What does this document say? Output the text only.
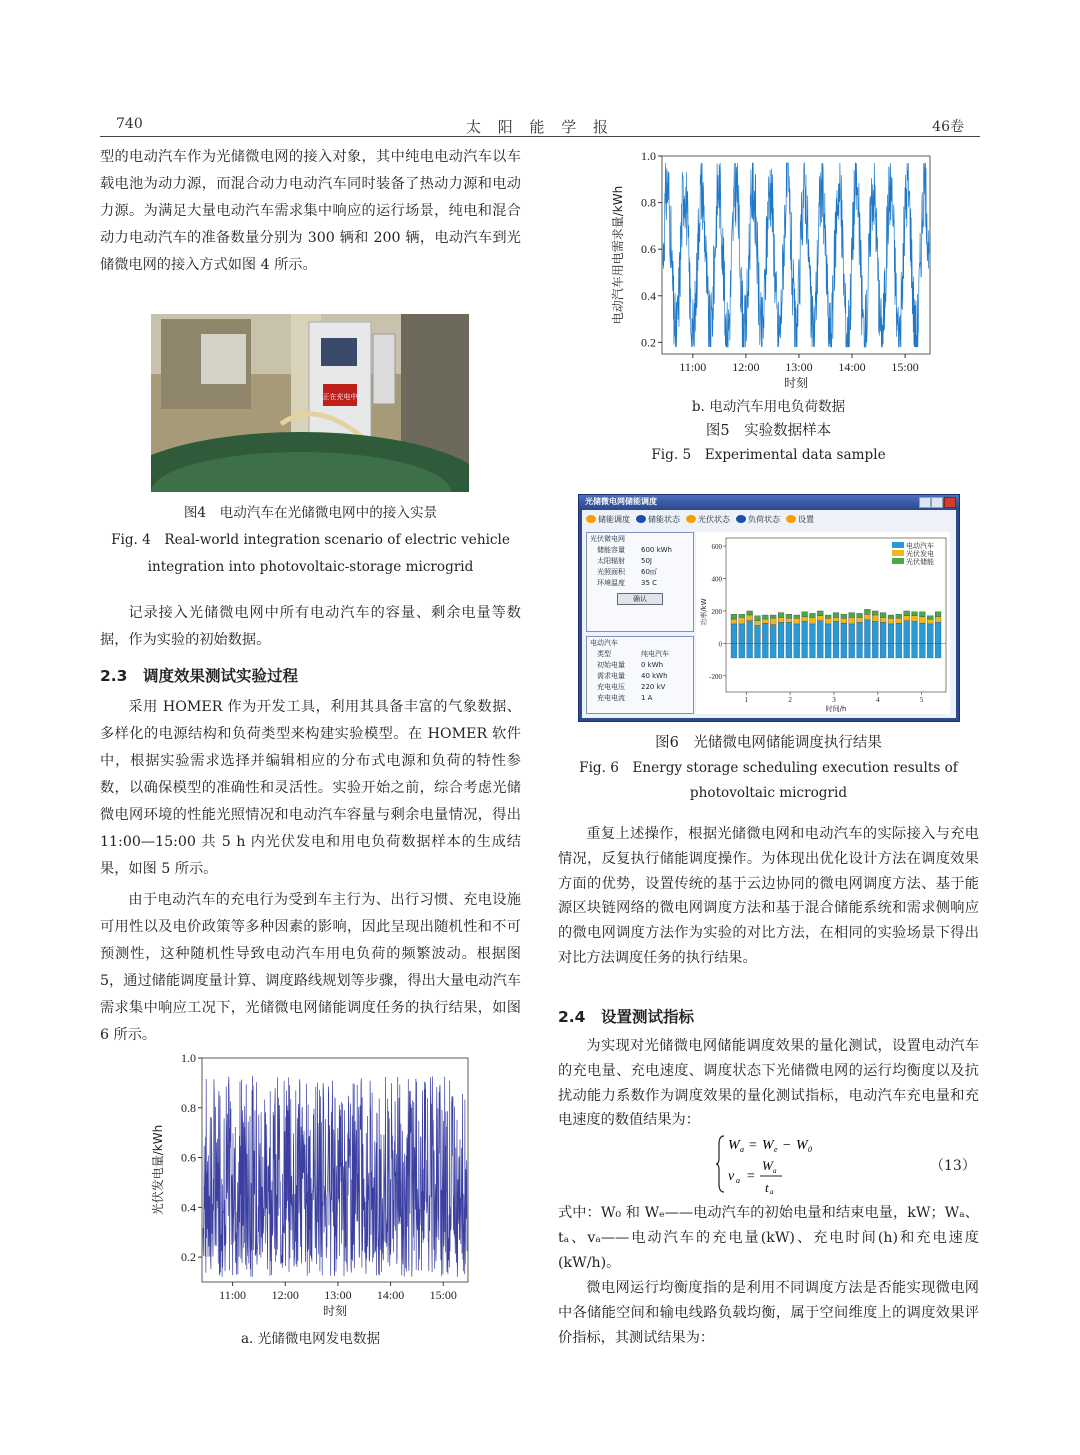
740	太 阳 能 学 报	46卷

型的电动汽车作为光储微电网的接入对象，其中纯电电动汽车以车载电池为动力源，而混合动力电动汽车同时装备了热动力源和电动力源。为满足大量电动汽车需求集中响应的运行场景，纯电和混合动力电动汽车的准备数量分别为 300 辆和 200 辆，电动汽车到光储微电网的接入方式如图 4 所示。

正在充电中
图4　电动汽车在光储微电网中的接入实景
Fig. 4　Real-world integration scenario of electric vehicle
integration into photovoltaic-storage microgrid

记录接入光储微电网中所有电动汽车的容量、剩余电量等数据，作为实验的初始数据。

2.3　调度效果测试实验过程

采用 HOMER 作为开发工具，利用其具备丰富的气象数据、多样化的电源结构和负荷类型来构建实验模型。在 HOMER 软件中，根据实验需求选择并编辑相应的分布式电源和负荷的特性参数，以确保模型的准确性和灵活性。实验开始之前，综合考虑光储微电网环境的性能光照情况和电动汽车容量与剩余电量情况，得出 11:00—15:00 共 5 h 内光伏发电和用电负荷数据样本的生成结果，如图 5 所示。

由于电动汽车的充电行为受到车主行为、出行习惯、充电设施可用性以及电价政策等多种因素的影响，因此呈现出随机性和不可预测性，这种随机性导致电动汽车用电负荷的频繁波动。根据图 5，通过储能调度量计算、调度路线规划等步骤，得出大量电动汽车需求集中响应工况下，光储微电网储能调度任务的执行结果，如图 6 所示。

0.2
0.4
0.6
0.8
1.0
11:00 12:00 13:00 14:00 15:00
时刻
光伏发电量/kWh
a. 光储微电网发电数据
0.2
0.4
0.6
0.8
1.0
11:00 12:00 13:00 14:00 15:00
时刻
电动汽车用电需求量/kWh
b. 电动汽车用电负荷数据
图5　实验数据样本
Fig. 5　Experimental data sample
光储微电网储能调度
储能调度 储能状态 光伏状态 负荷状态 设置
光伏微电网
储能容量	600 kWh
太阳辐射	50J
光照面积	60㎡
环境温度	35 C
确认
电动汽车
类型	纯电汽车
初始电量	0 kWh
需求电量	40 kWh
充电电压	220 kV
充电电流	1 A
-200
0
200
400
600
1	2	3	4	5
时间/h
功率/kW
电动汽车
光伏发电
光伏储能
图6　光储微电网储能调度执行结果
Fig. 6　Energy storage scheduling execution results of
photovoltaic microgrid

重复上述操作，根据光储微电网和电动汽车的实际接入与充电情况，反复执行储能调度操作。为体现出优化设计方法在调度效果方面的优势，设置传统的基于云边协同的微电网调度方法、基于能源区块链网络的微电网调度方法和基于混合储能系统和需求侧响应的微电网调度方法作为实验的对比方法，在相同的实验场景下得出对比方法调度任务的执行结果。

2.4　设置测试指标

为实现对光储微电网储能调度效果的量化测试，设置电动汽车的充电量、充电速度、调度状态下光储微电网的运行均衡度以及抗扰动能力系数作为调度效果的量化测试指标，电动汽车充电量和充电速度的数值结果为：

W a = W e − W 0
v a =
W a
t a
（13）

式中：W₀ 和 Wₑ——电动汽车的初始电量和结束电量，kW；Wₐ、tₐ、vₐ——电动汽车的充电量(kW)、充电时间(h)和充电速度(kW/h)。

微电网运行均衡度指的是利用不同调度方法是否能实现微电网中各储能空间和输电线路负载均衡，属于空间维度上的调度效果评价指标，其测试结果为：
